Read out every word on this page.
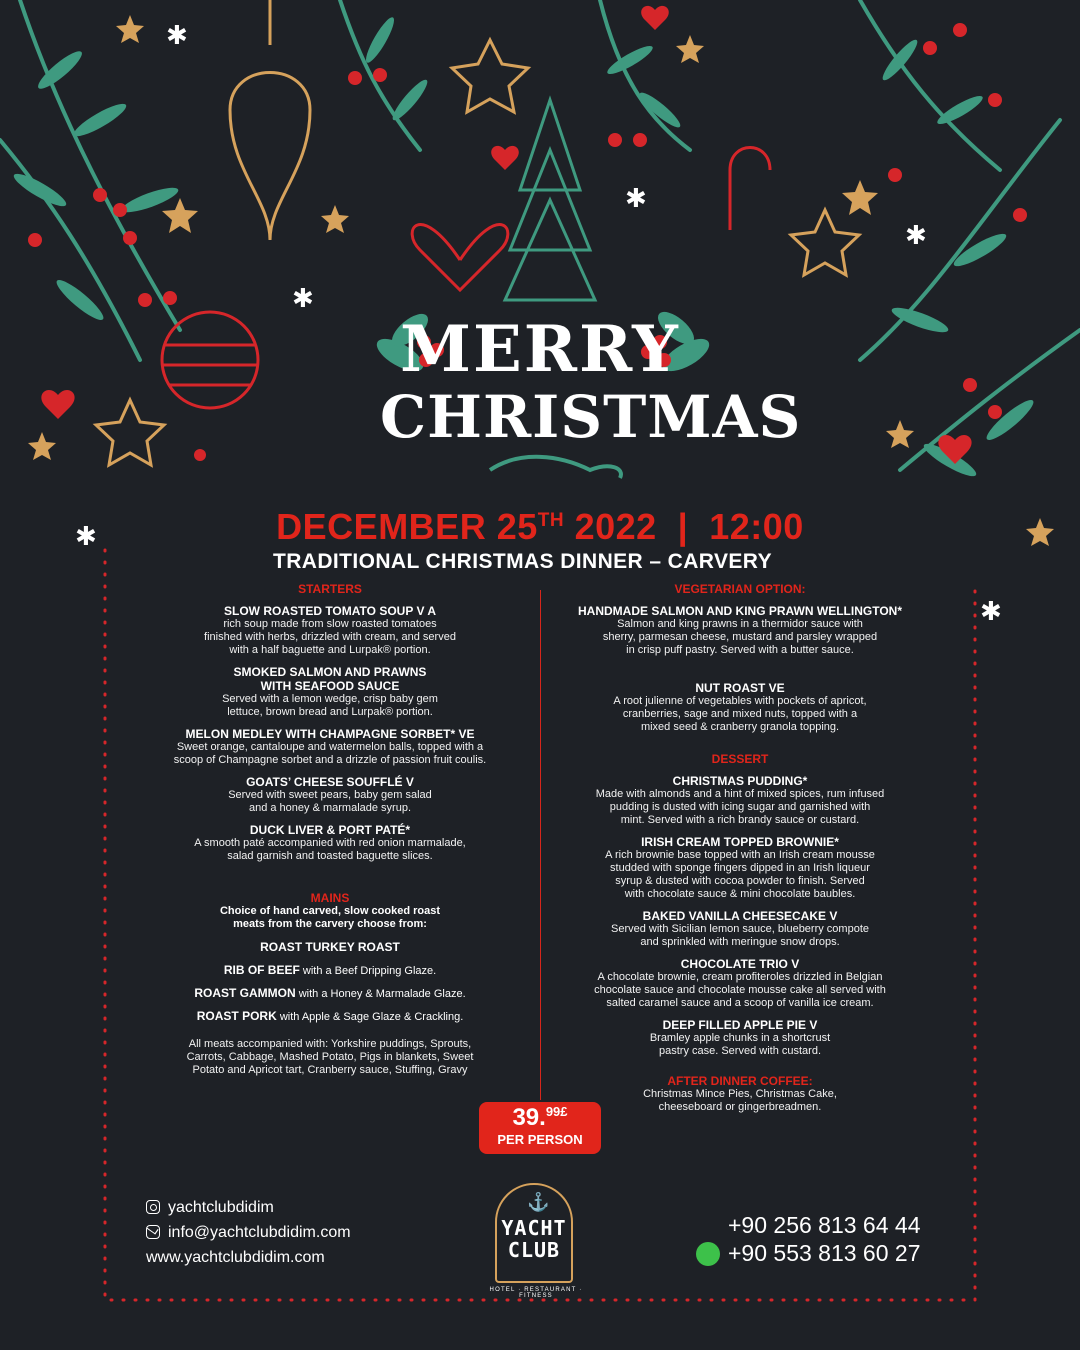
✱
✱
✱
✱
✱
✱
MERRY
CHRISTMAS
DECEMBER 25TH 2022  |  12:00
TRADITIONAL CHRISTMAS DINNER – CARVERY
STARTERS
SLOW ROASTED TOMATO SOUP V A
rich soup made from slow roasted tomatoes
finished with herbs, drizzled with cream, and served
with a half baguette and Lurpak® portion.
SMOKED SALMON AND PRAWNS
WITH SEAFOOD SAUCE
Served with a lemon wedge, crisp baby gem
lettuce, brown bread and Lurpak® portion.
MELON MEDLEY WITH CHAMPAGNE SORBET* VE
Sweet orange, cantaloupe and watermelon balls, topped with a
scoop of Champagne sorbet and a drizzle of passion fruit coulis.
GOATS’ CHEESE SOUFFLÉ V
Served with sweet pears, baby gem salad
and a honey & marmalade syrup.
DUCK LIVER & PORT PATÉ*
A smooth paté accompanied with red onion marmalade,
salad garnish and toasted baguette slices.
MAINS
Choice of hand carved, slow cooked roast
meats from the carvery choose from:
ROAST TURKEY ROAST
RIB OF BEEF with a Beef Dripping Glaze.
ROAST GAMMON with a Honey & Marmalade Glaze.
ROAST PORK with Apple & Sage Glaze & Crackling.
All meats accompanied with: Yorkshire puddings, Sprouts,
Carrots, Cabbage, Mashed Potato, Pigs in blankets, Sweet
Potato and Apricot tart, Cranberry sauce, Stuffing, Gravy
VEGETARIAN OPTION:
HANDMADE SALMON AND KING PRAWN WELLINGTON*
Salmon and king prawns in a thermidor sauce with
sherry, parmesan cheese, mustard and parsley wrapped
in crisp puff pastry. Served with a butter sauce.
NUT ROAST VE
A root julienne of vegetables with pockets of apricot,
cranberries, sage and mixed nuts, topped with a
mixed seed & cranberry granola topping.
DESSERT
CHRISTMAS PUDDING*
Made with almonds and a hint of mixed spices, rum infused
pudding is dusted with icing sugar and garnished with
mint. Served with a rich brandy sauce or custard.
IRISH CREAM TOPPED BROWNIE*
A rich brownie base topped with an Irish cream mousse
studded with sponge fingers dipped in an Irish liqueur
syrup & dusted with cocoa powder to finish. Served
with chocolate sauce & mini chocolate baubles.
BAKED VANILLA CHEESECAKE V
Served with Sicilian lemon sauce, blueberry compote
and sprinkled with meringue snow drops.
CHOCOLATE TRIO V
A chocolate brownie, cream profiteroles drizzled in Belgian
chocolate sauce and chocolate mousse cake all served with
salted caramel sauce and a scoop of vanilla ice cream.
DEEP FILLED APPLE PIE V
Bramley apple chunks in a shortcrust
pastry case. Served with custard.
AFTER DINNER COFFEE:
Christmas Mince Pies, Christmas Cake,
cheeseboard or gingerbreadmen.
39.$^{99£}$
PER PERSON
yachtclubdidim
info@yachtclubdidim.com
www.yachtclubdidim.com
⚓
YACHT
CLUB
HOTEL · RESTAURANT · FITNESS
+90 256 813 64 44
+90 553 813 60 27
